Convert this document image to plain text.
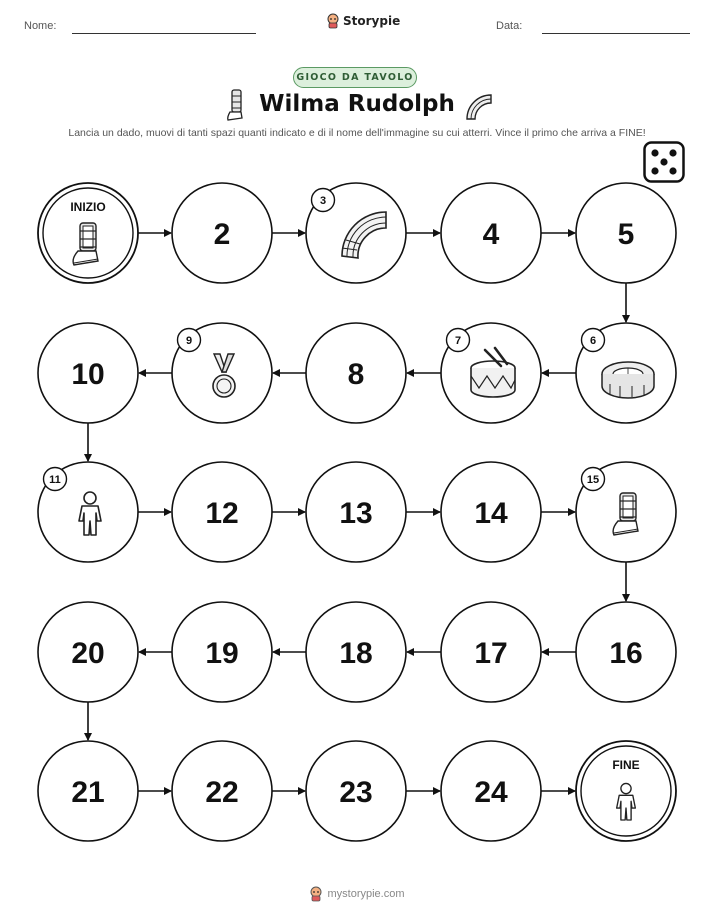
Nome:	Storypie	Data:
GIOCO DA TAVOLO
Wilma Rudolph
Lancia un dado, muovi di tanti spazi quanti indicato e di il nome dell'immagine su cui atterri. Vince il primo che arriva a FINE!
INIZIO
2
3
4	5
6
7
8
9
10
11
12	13	14
15
16
17
18
19
20
21	22	23	24
FINE
mystorypie.com
